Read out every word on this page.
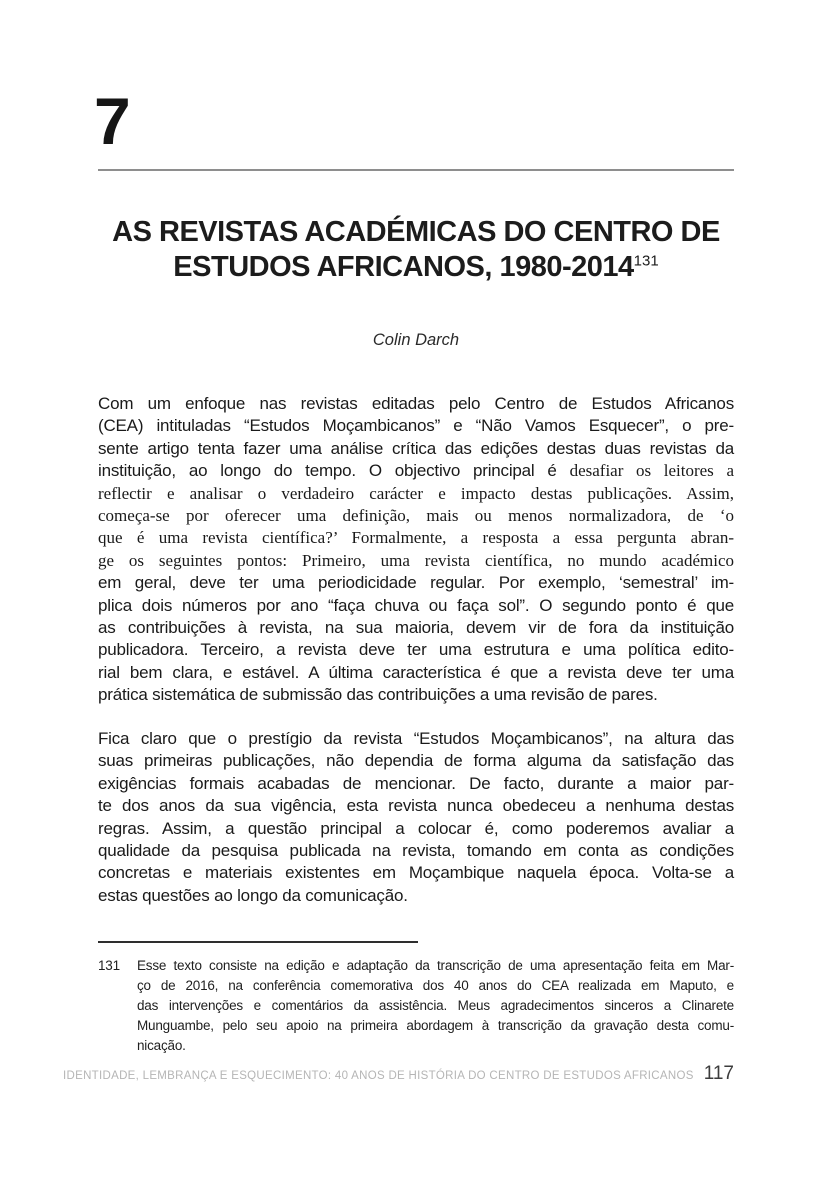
7
AS REVISTAS ACADÉMICAS DO CENTRO DE
ESTUDOS AFRICANOS, 1980-2014$^{131}$
Colin Darch
Com um enfoque nas revistas editadas pelo Centro de Estudos Africanos
(CEA) intituladas “Estudos Moçambicanos” e “Não Vamos Esquecer”, o pre-
sente artigo tenta fazer uma análise crítica das edições destas duas revistas da
instituição, ao longo do tempo. O objectivo principal é desafiar os leitores a
reflectir e analisar o verdadeiro carácter e impacto destas publicações. Assim,
começa-se por oferecer uma definição, mais ou menos normalizadora, de ‘o
que é uma revista científica?’ Formalmente, a resposta a essa pergunta abran-
ge os seguintes pontos: Primeiro, uma revista científica, no mundo académico
em geral, deve ter uma periodicidade regular. Por exemplo, ‘semestral’ im-
plica dois números por ano “faça chuva ou faça sol”. O segundo ponto é que
as contribuições à revista, na sua maioria, devem vir de fora da instituição
publicadora. Terceiro, a revista deve ter uma estrutura e uma política edito-
rial bem clara, e estável. A última característica é que a revista deve ter uma
prática sistemática de submissão das contribuições a uma revisão de pares.
Fica claro que o prestígio da revista “Estudos Moçambicanos”, na altura das
suas primeiras publicações, não dependia de forma alguma da satisfação das
exigências formais acabadas de mencionar. De facto, durante a maior par-
te dos anos da sua vigência, esta revista nunca obedeceu a nenhuma destas
regras. Assim, a questão principal a colocar é, como poderemos avaliar a
qualidade da pesquisa publicada na revista, tomando em conta as condições
concretas e materiais existentes em Moçambique naquela época. Volta-se a
estas questões ao longo da comunicação.
131	Esse texto consiste na edição e adaptação da transcrição de uma apresentação feita em Mar-
ço de 2016, na conferência comemorativa dos 40 anos do CEA realizada em Maputo, e
das intervenções e comentários da assistência. Meus agradecimentos sinceros a Clinarete
Munguambe, pelo seu apoio na primeira abordagem à transcrição da gravação desta comu-
nicação.
IDENTIDADE, LEMBRANÇA E ESQUECIMENTO: 40 ANOS DE HISTÓRIA DO CENTRO DE ESTUDOS AFRICANOS 117
